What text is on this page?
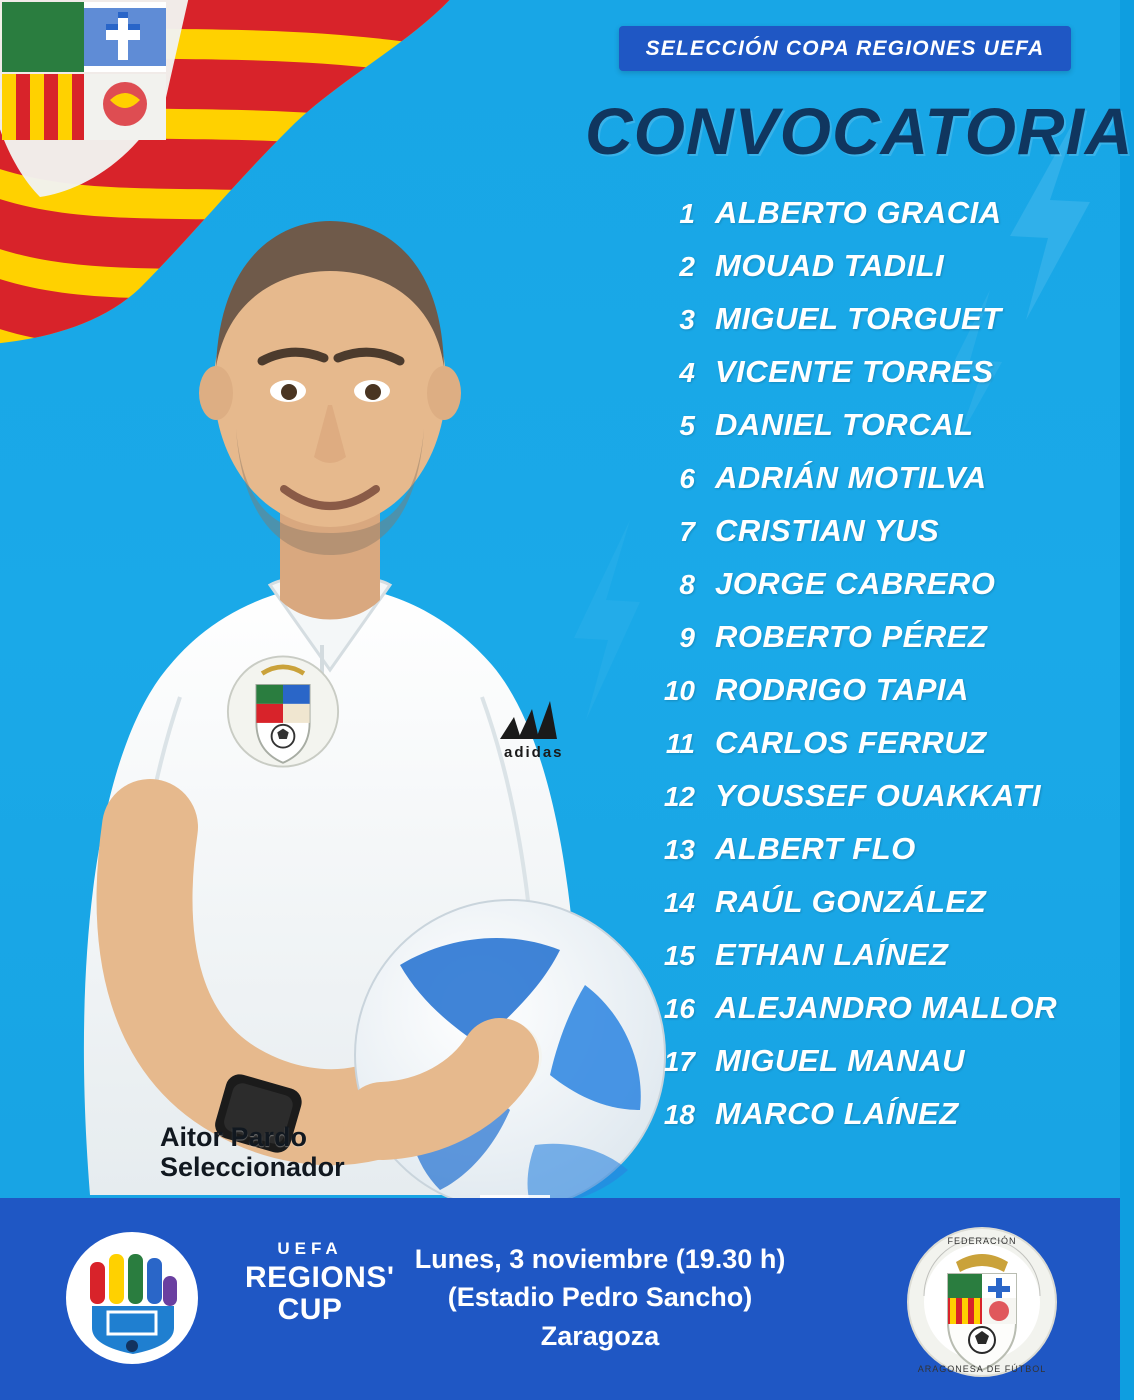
adidas
Aitor Pardo
Seleccionador
SELECCIÓN COPA REGIONES UEFA
CONVOCATORIA
1 ALBERTO GRACIA
2 MOUAD TADILI
3 MIGUEL TORGUET
4 VICENTE TORRES
5 DANIEL TORCAL
6 ADRIÁN MOTILVA
7 CRISTIAN YUS
8 JORGE CABRERO
9 ROBERTO PÉREZ
10 RODRIGO TAPIA
11 CARLOS FERRUZ
12 YOUSSEF OUAKKATI
13 ALBERT FLO
14 RAÚL GONZÁLEZ
15 ETHAN LAÍNEZ
16 ALEJANDRO MALLOR
17 MIGUEL MANAU
18 MARCO LAÍNEZ
UEFA
REGIONS'
CUP
Lunes, 3 noviembre (19.30 h)
(Estadio Pedro Sancho)
Zaragoza
FEDERACIÓN
ARAGONESA DE FÚTBOL
